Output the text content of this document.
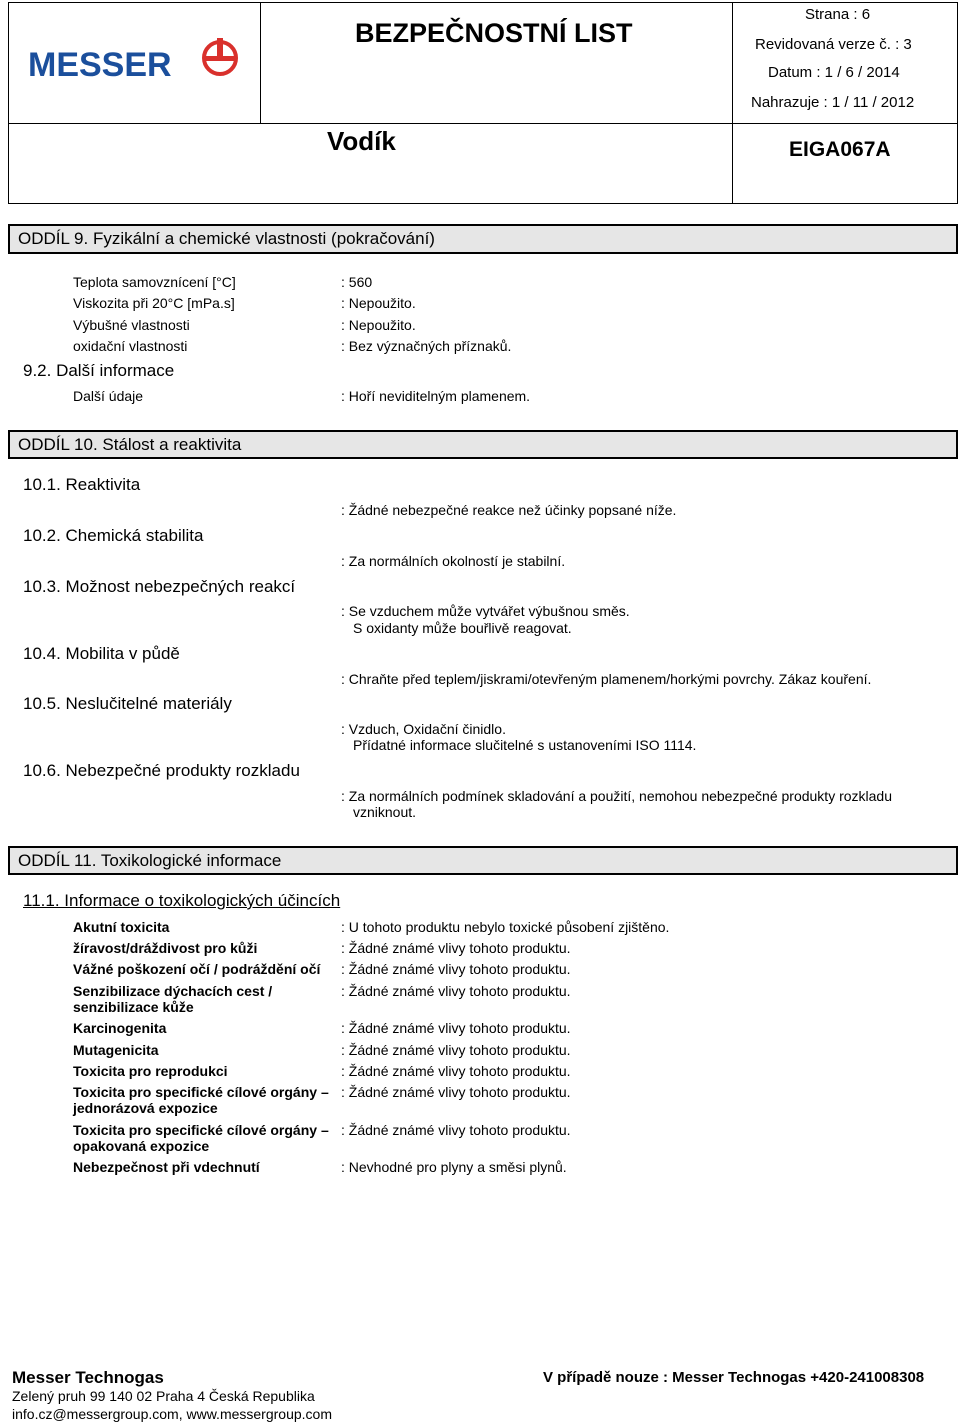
MESSER
BEZPEČNOSTNÍ LIST
Vodík
Strana : 6
Revidovaná verze č. : 3
Datum : 1 / 6 / 2014
Nahrazuje : 1 / 11 / 2012
EIGA067A
ODDÍL 9. Fyzikální a chemické vlastnosti (pokračování)
Teplota samovznícení [°C]	: 560
Viskozita při 20°C [mPa.s]	: Nepoužito.
Výbušné vlastnosti	: Nepoužito.
oxidační vlastnosti	: Bez význačných příznaků.
9.2. Další informace
Další údaje	: Hoří neviditelným plamenem.
ODDÍL 10. Stálost a reaktivita
10.1. Reaktivita
: Žádné nebezpečné reakce než účinky popsané níže.
10.2. Chemická stabilita
: Za normálních okolností je stabilní.
10.3. Možnost nebezpečných reakcí
: Se vzduchem může vytvářet výbušnou směs.
S oxidanty může bouřlivě reagovat.
10.4. Mobilita v půdě
: Chraňte před teplem/jiskrami/otevřeným plamenem/horkými povrchy. Zákaz kouření.
10.5. Neslučitelné materiály
: Vzduch, Oxidační činidlo.
Přídatné informace slučitelné s ustanoveními ISO 1114.
10.6. Nebezpečné produkty rozkladu
: Za normálních podmínek skladování a použití, nemohou nebezpečné produkty rozkladu
vzniknout.
ODDÍL 11. Toxikologické informace
11.1. Informace o toxikologických účincích
Akutní toxicita	: U tohoto produktu nebylo toxické působení zjištěno.
žíravost/dráždivost pro kůži	: Žádné známé vlivy tohoto produktu.
Vážné poškození očí / podráždění očí : Žádné známé vlivy tohoto produktu.
Senzibilizace dýchacích cest /
senzibilizace kůže
: Žádné známé vlivy tohoto produktu.
Karcinogenita	: Žádné známé vlivy tohoto produktu.
Mutagenicita	: Žádné známé vlivy tohoto produktu.
Toxicita pro reprodukci	: Žádné známé vlivy tohoto produktu.
Toxicita pro specifické cílové orgány –
jednorázová expozice
: Žádné známé vlivy tohoto produktu.
Toxicita pro specifické cílové orgány –
opakovaná expozice
: Žádné známé vlivy tohoto produktu.
Nebezpečnost při vdechnutí	: Nevhodné pro plyny a směsi plynů.
Messer Technogas
Zelený pruh 99 140 02 Praha 4 Česká Republika
info.cz@messergroup.com, www.messergroup.com
V případě nouze : Messer Technogas +420-241008308
